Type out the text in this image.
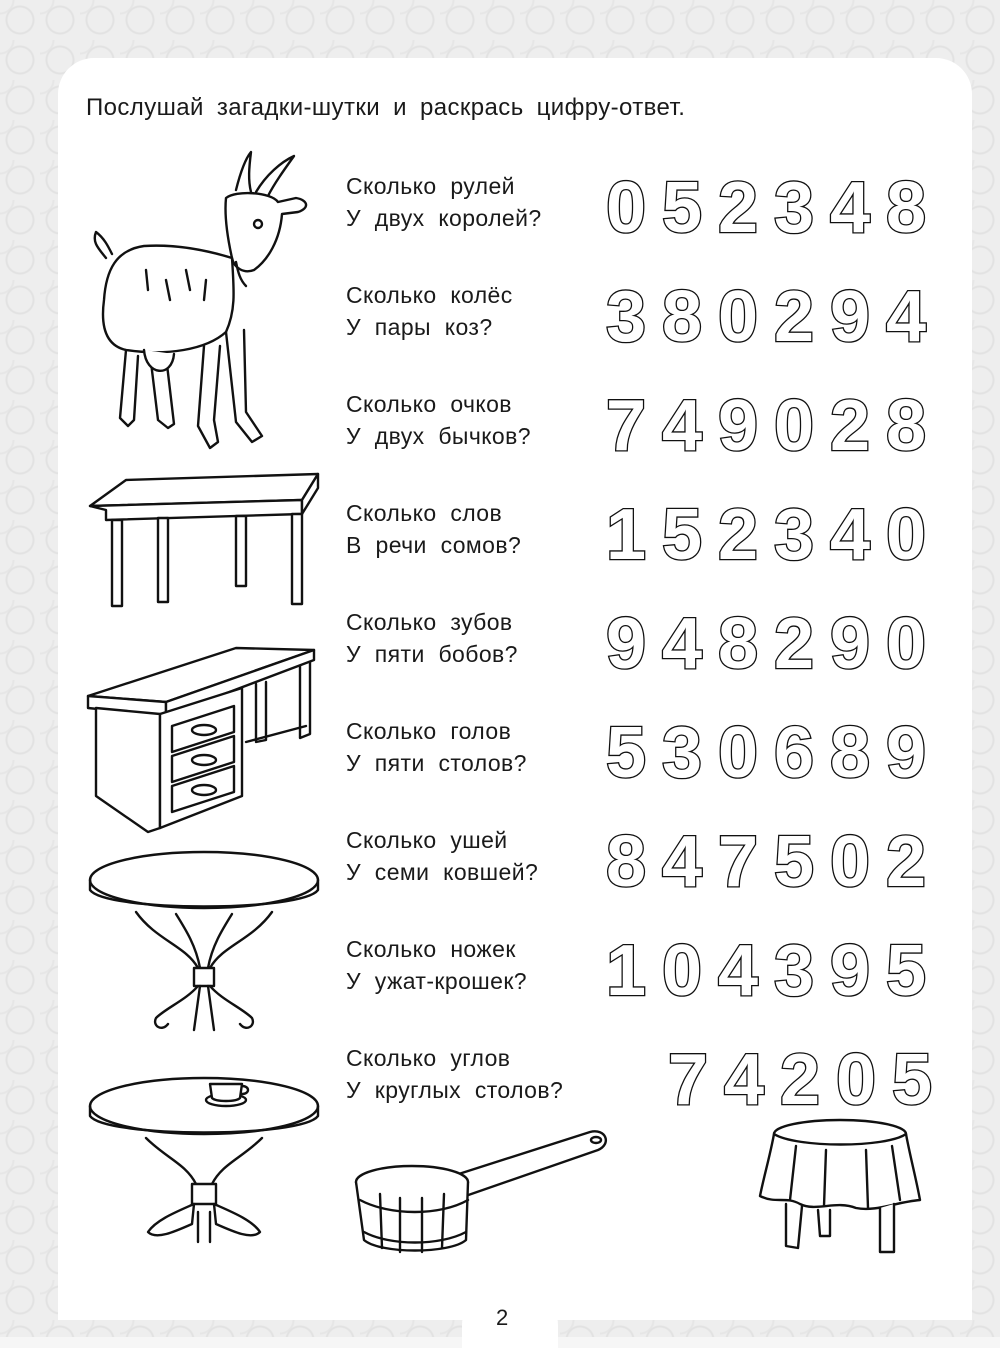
Послушай загадки-шутки и раскрась цифру-ответ.
Сколько рулей
У двух королей?
Сколько колёс
У пары коз?
Сколько очков
У двух бычков?
Сколько слов
В речи сомов?
Сколько зубов
У пяти бобов?
Сколько голов
У пяти столов?
Сколько ушей
У семи ковшей?
Сколько ножек
У ужат-крошек?
Сколько углов
У круглых столов?
0 5 2 3 4 8
3 8 0 2 9 4
7 4 9 0 2 8
1 5 2 3 4 0
9 4 8 2 9 0
5 3 0 6 8 9
8 4 7 5 0 2
1 0 4 3 9 5
7 4 2 0 5
2
